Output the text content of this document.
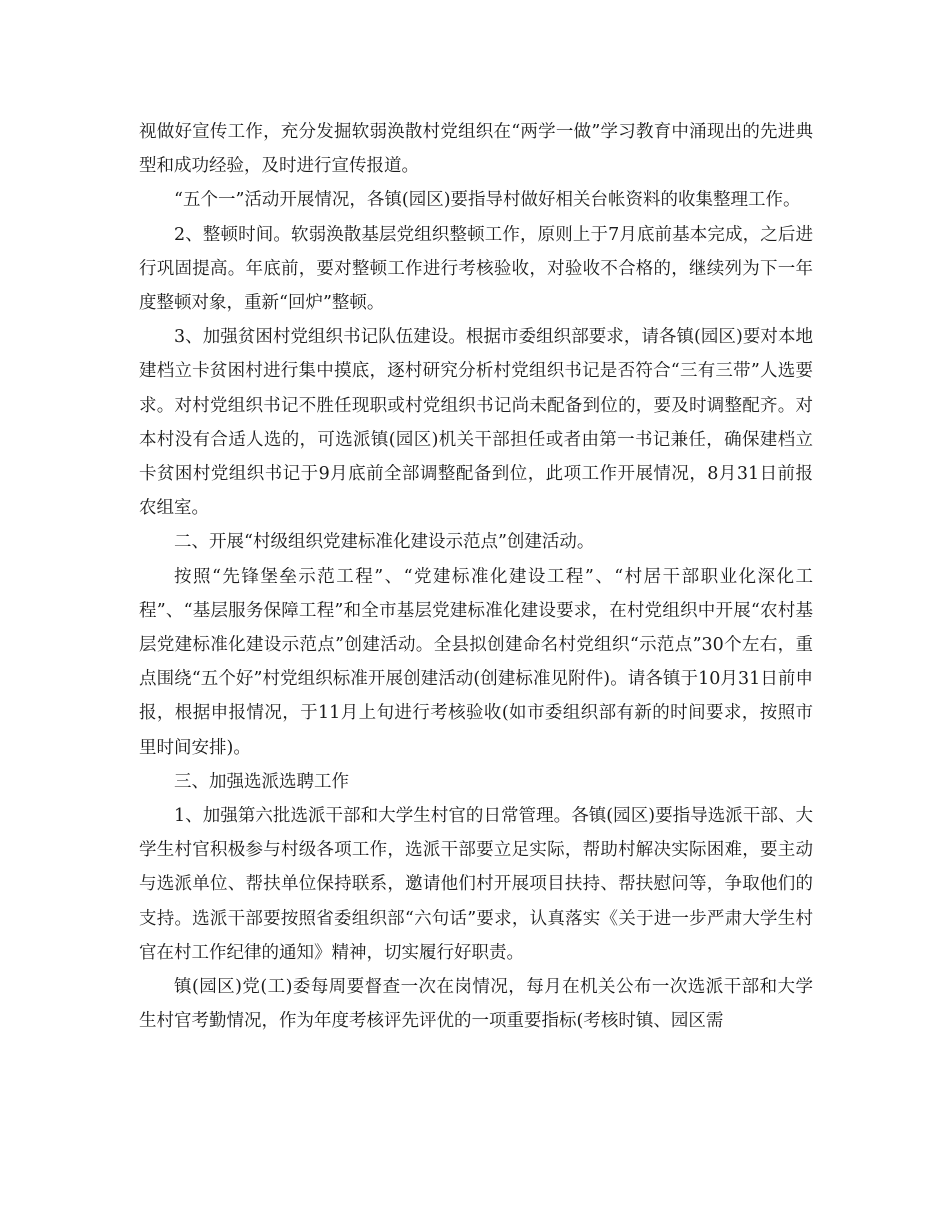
视做好宣传工作，充分发掘软弱涣散村党组织在“两学一做”学习教育中涌现出的先进典型和成功经验，及时进行宣传报道。

“五个一”活动开展情况，各镇(园区)要指导村做好相关台帐资料的收集整理工作。

2、整顿时间。软弱涣散基层党组织整顿工作，原则上于7月底前基本完成，之后进行巩固提高。年底前，要对整顿工作进行考核验收，对验收不合格的，继续列为下一年度整顿对象，重新“回炉”整顿。

3、加强贫困村党组织书记队伍建设。根据市委组织部要求，请各镇(园区)要对本地建档立卡贫困村进行集中摸底，逐村研究分析村党组织书记是否符合“三有三带”人选要求。对村党组织书记不胜任现职或村党组织书记尚未配备到位的，要及时调整配齐。对本村没有合适人选的，可选派镇(园区)机关干部担任或者由第一书记兼任，确保建档立卡贫困村党组织书记于9月底前全部调整配备到位，此项工作开展情况，8月31日前报农组室。

二、开展“村级组织党建标准化建设示范点”创建活动。

按照“先锋堡垒示范工程”、“党建标准化建设工程”、“村居干部职业化深化工程”、“基层服务保障工程”和全市基层党建标准化建设要求，在村党组织中开展“农村基层党建标准化建设示范点”创建活动。全县拟创建命名村党组织“示范点”30个左右，重点围绕“五个好”村党组织标准开展创建活动(创建标准见附件)。请各镇于10月31日前申报，根据申报情况，于11月上旬进行考核验收(如市委组织部有新的时间要求，按照市里时间安排)。

三、加强选派选聘工作

1、加强第六批选派干部和大学生村官的日常管理。各镇(园区)要指导选派干部、大学生村官积极参与村级各项工作，选派干部要立足实际，帮助村解决实际困难，要主动与选派单位、帮扶单位保持联系，邀请他们村开展项目扶持、帮扶慰问等，争取他们的支持。选派干部要按照省委组织部“六句话”要求，认真落实《关于进一步严肃大学生村官在村工作纪律的通知》精神，切实履行好职责。

镇(园区)党(工)委每周要督查一次在岗情况，每月在机关公布一次选派干部和大学生村官考勤情况，作为年度考核评先评优的一项重要指标(考核时镇、园区需
